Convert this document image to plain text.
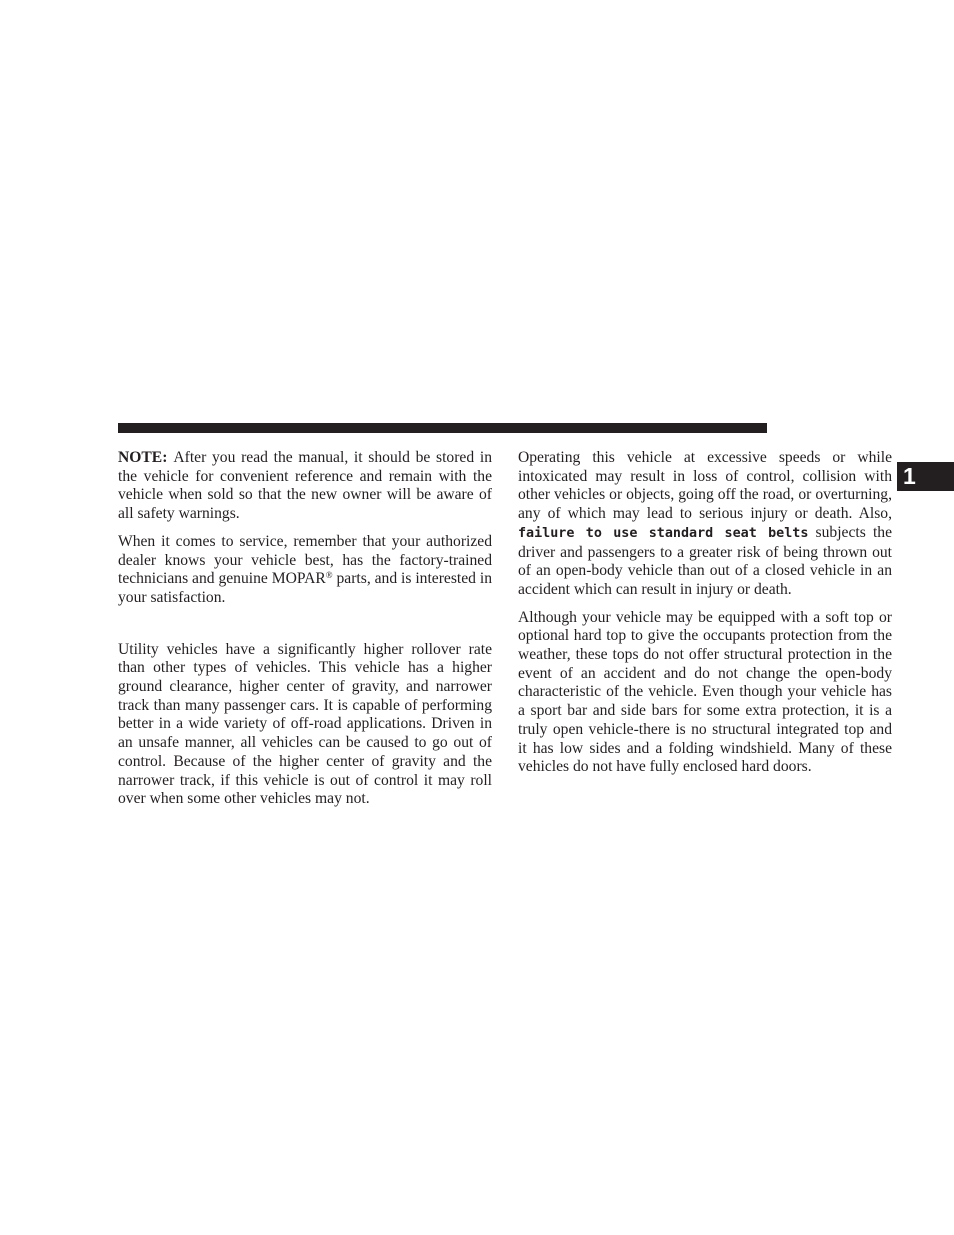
1

NOTE: After you read the manual, it should be stored in the vehicle for convenient reference and remain with the vehicle when sold so that the new owner will be aware of all safety warnings.

When it comes to service, remember that your authorized dealer knows your vehicle best, has the factory-trained technicians and genuine MOPAR® parts, and is interested in your satisfaction.

Utility vehicles have a significantly higher rollover rate than other types of vehicles. This vehicle has a higher ground clearance, higher center of gravity, and narrower track than many passenger cars. It is capable of performing better in a wide variety of off-road applications. Driven in an unsafe manner, all vehicles can be caused to go out of control. Because of the higher center of gravity and the narrower track, if this vehicle is out of control it may roll over when some other vehicles may not.

Operating this vehicle at excessive speeds or while intoxicated may result in loss of control, collision with other vehicles or objects, going off the road, or overturning, any of which may lead to serious injury or death. Also, failure to use standard seat belts subjects the driver and passengers to a greater risk of being thrown out of an open-body vehicle than out of a closed vehicle in an accident which can result in injury or death.

Although your vehicle may be equipped with a soft top or optional hard top to give the occupants protection from the weather, these tops do not offer structural protection in the event of an accident and do not change the open-body characteristic of the vehicle. Even though your vehicle has a sport bar and side bars for some extra protection, it is a truly open vehicle-there is no structural integrated top and it has low sides and a folding windshield. Many of these vehicles do not have fully enclosed hard doors.
